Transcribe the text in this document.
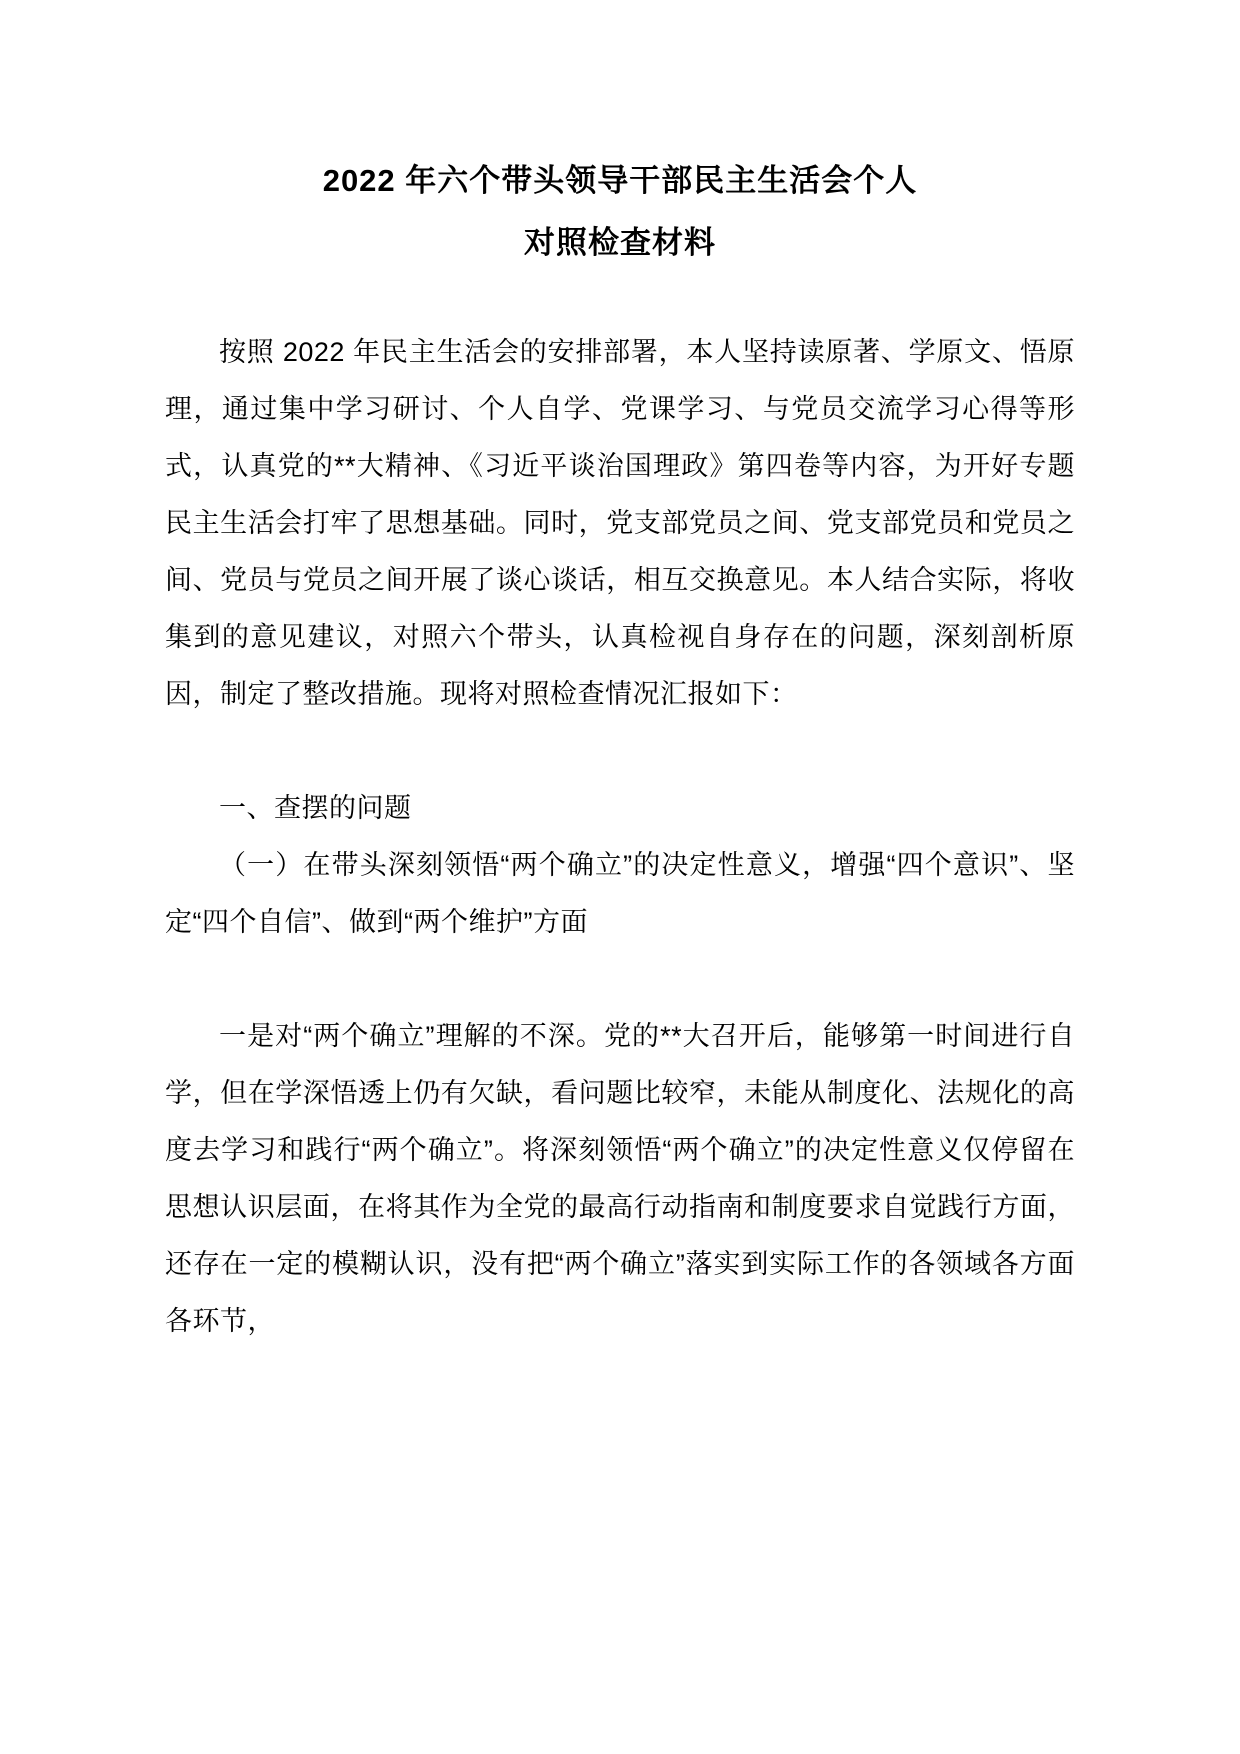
2022 年六个带头领导干部民主生活会个人
对照检查材料

按照 2022 年民主生活会的安排部署，本人坚持读原著、学原文、悟原理，通过集中学习研讨、个人自学、党课学习、与党员交流学习心得等形式，认真党的**大精神、《习近平谈治国理政》第四卷等内容，为开好专题民主生活会打牢了思想基础。同时，党支部党员之间、党支部党员和党员之间、党员与党员之间开展了谈心谈话，相互交换意见。本人结合实际，将收集到的意见建议，对照六个带头，认真检视自身存在的问题，深刻剖析原因，制定了整改措施。现将对照检查情况汇报如下：

一、查摆的问题

（一）在带头深刻领悟“两个确立”的决定性意义，增强“四个意识”、坚定“四个自信”、做到“两个维护”方面

一是对“两个确立”理解的不深。党的**大召开后，能够第一时间进行自学，但在学深悟透上仍有欠缺，看问题比较窄，未能从制度化、法规化的高度去学习和践行“两个确立”。将深刻领悟“两个确立”的决定性意义仅停留在思想认识层面，在将其作为全党的最高行动指南和制度要求自觉践行方面，还存在一定的模糊认识，没有把“两个确立”落实到实际工作的各领域各方面各环节，
